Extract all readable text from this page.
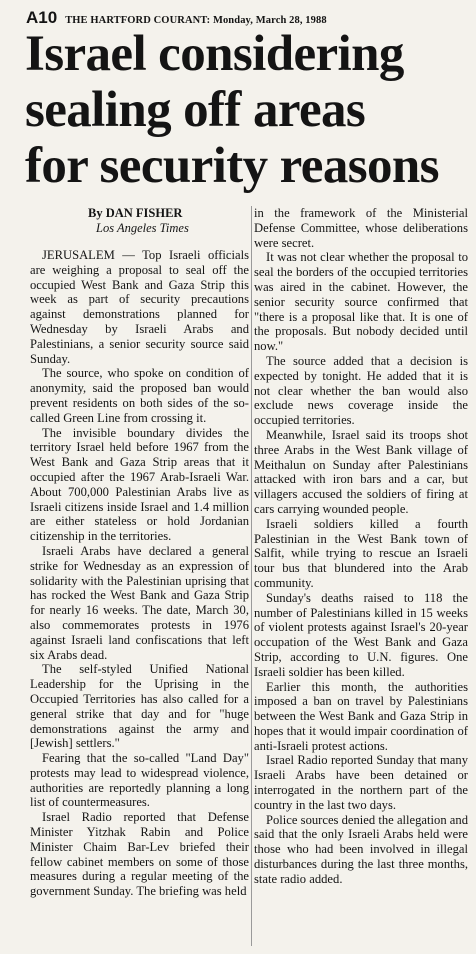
A10 THE HARTFORD COURANT: Monday, March 28, 1988
Israel considering
sealing off areas
for security reasons
By DAN FISHER
Los Angeles Times

JERUSALEM — Top Israeli officials are weighing a proposal to seal off the occupied West Bank and Gaza Strip this week as part of security precautions against demonstrations planned for Wednesday by Israeli Arabs and Palestinians, a senior security source said Sunday.

The source, who spoke on condition of anonymity, said the proposed ban would prevent residents on both sides of the so-called Green Line from crossing it.

The invisible boundary divides the territory Israel held before 1967 from the West Bank and Gaza Strip areas that it occupied after the 1967 Arab-Israeli War. About 700,000 Palestinian Arabs live as Israeli citizens inside Israel and 1.4 million are either stateless or hold Jordanian citizenship in the territories.

Israeli Arabs have declared a general strike for Wednesday as an expression of solidarity with the Palestinian uprising that has rocked the West Bank and Gaza Strip for nearly 16 weeks. The date, March 30, also commemorates protests in 1976 against Israeli land confiscations that left six Arabs dead.

The self-styled Unified National Leadership for the Uprising in the Occupied Territories has also called for a general strike that day and for "huge demonstrations against the army and [Jewish] settlers."

Fearing that the so-called "Land Day" protests may lead to widespread violence, authorities are reportedly planning a long list of countermeasures.

Israel Radio reported that Defense Minister Yitzhak Rabin and Police Minister Chaim Bar-Lev briefed their fellow cabinet members on some of those measures during a regular meeting of the government Sunday. The briefing was held

in the framework of the Ministerial Defense Committee, whose deliberations were secret.

It was not clear whether the proposal to seal the borders of the occupied territories was aired in the cabinet. However, the senior security source confirmed that "there is a proposal like that. It is one of the proposals. But nobody decided until now."

The source added that a decision is expected by tonight. He added that it is not clear whether the ban would also exclude news coverage inside the occupied territories.

Meanwhile, Israel said its troops shot three Arabs in the West Bank village of Meithalun on Sunday after Palestinians attacked with iron bars and a car, but villagers accused the soldiers of firing at cars carrying wounded people.

Israeli soldiers killed a fourth Palestinian in the West Bank town of Salfit, while trying to rescue an Israeli tour bus that blundered into the Arab community.

Sunday's deaths raised to 118 the number of Palestinians killed in 15 weeks of violent protests against Israel's 20-year occupation of the West Bank and Gaza Strip, according to U.N. figures. One Israeli soldier has been killed.

Earlier this month, the authorities imposed a ban on travel by Palestinians between the West Bank and Gaza Strip in hopes that it would impair coordination of anti-Israeli protest actions.

Israel Radio reported Sunday that many Israeli Arabs have been detained or interrogated in the northern part of the country in the last two days.

Police sources denied the allegation and said that the only Israeli Arabs held were those who had been involved in illegal disturbances during the last three months, state radio added.
